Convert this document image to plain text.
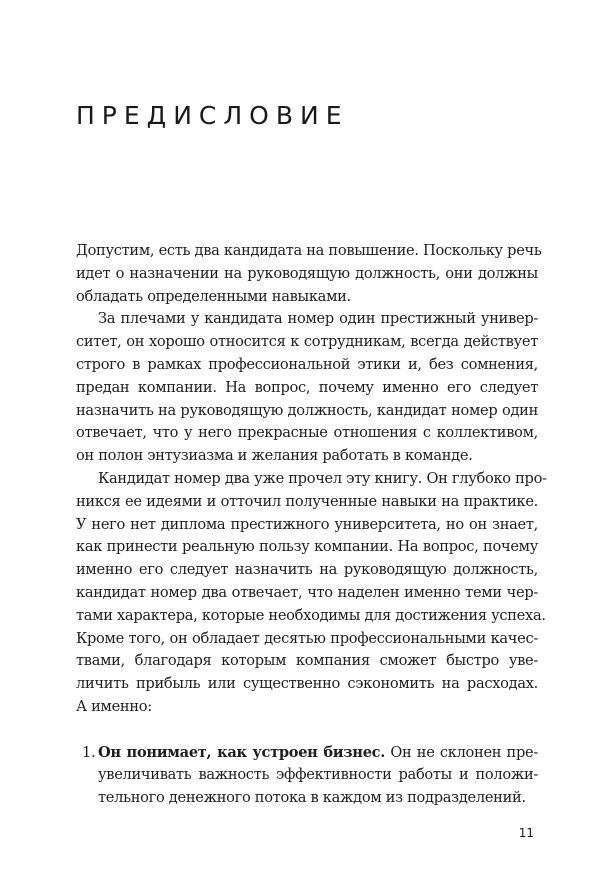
ПРЕДИСЛОВИЕ
Допустим, есть два кандидата на повышение. Поскольку речь
идет о назначении на руководящую должность, они должны
обладать определенными навыками.
За плечами у кандидата номер один престижный универ-
ситет, он хорошо относится к сотрудникам, всегда действует
строго в рамках профессиональной этики и, без сомнения,
предан компании. На вопрос, почему именно его следует
назначить на руководящую должность, кандидат номер один
отвечает, что у него прекрасные отношения с коллективом,
он полон энтузиазма и желания работать в команде.
Кандидат номер два уже прочел эту книгу. Он глубоко про-
никся ее идеями и отточил полученные навыки на практике.
У него нет диплома престижного университета, но он знает,
как принести реальную пользу компании. На вопрос, почему
именно его следует назначить на руководящую должность,
кандидат номер два отвечает, что наделен именно теми чер-
тами характера, которые необходимы для достижения успеха.
Кроме того, он обладает десятью профессиональными качес-
твами, благодаря которым компания сможет быстро уве-
личить прибыль или существенно сэкономить на расходах.
А именно:
1. Он понимает, как устроен бизнес. Он не склонен пре-
увеличивать важность эффективности работы и положи-
тельного денежного потока в каждом из подразделений.
11
